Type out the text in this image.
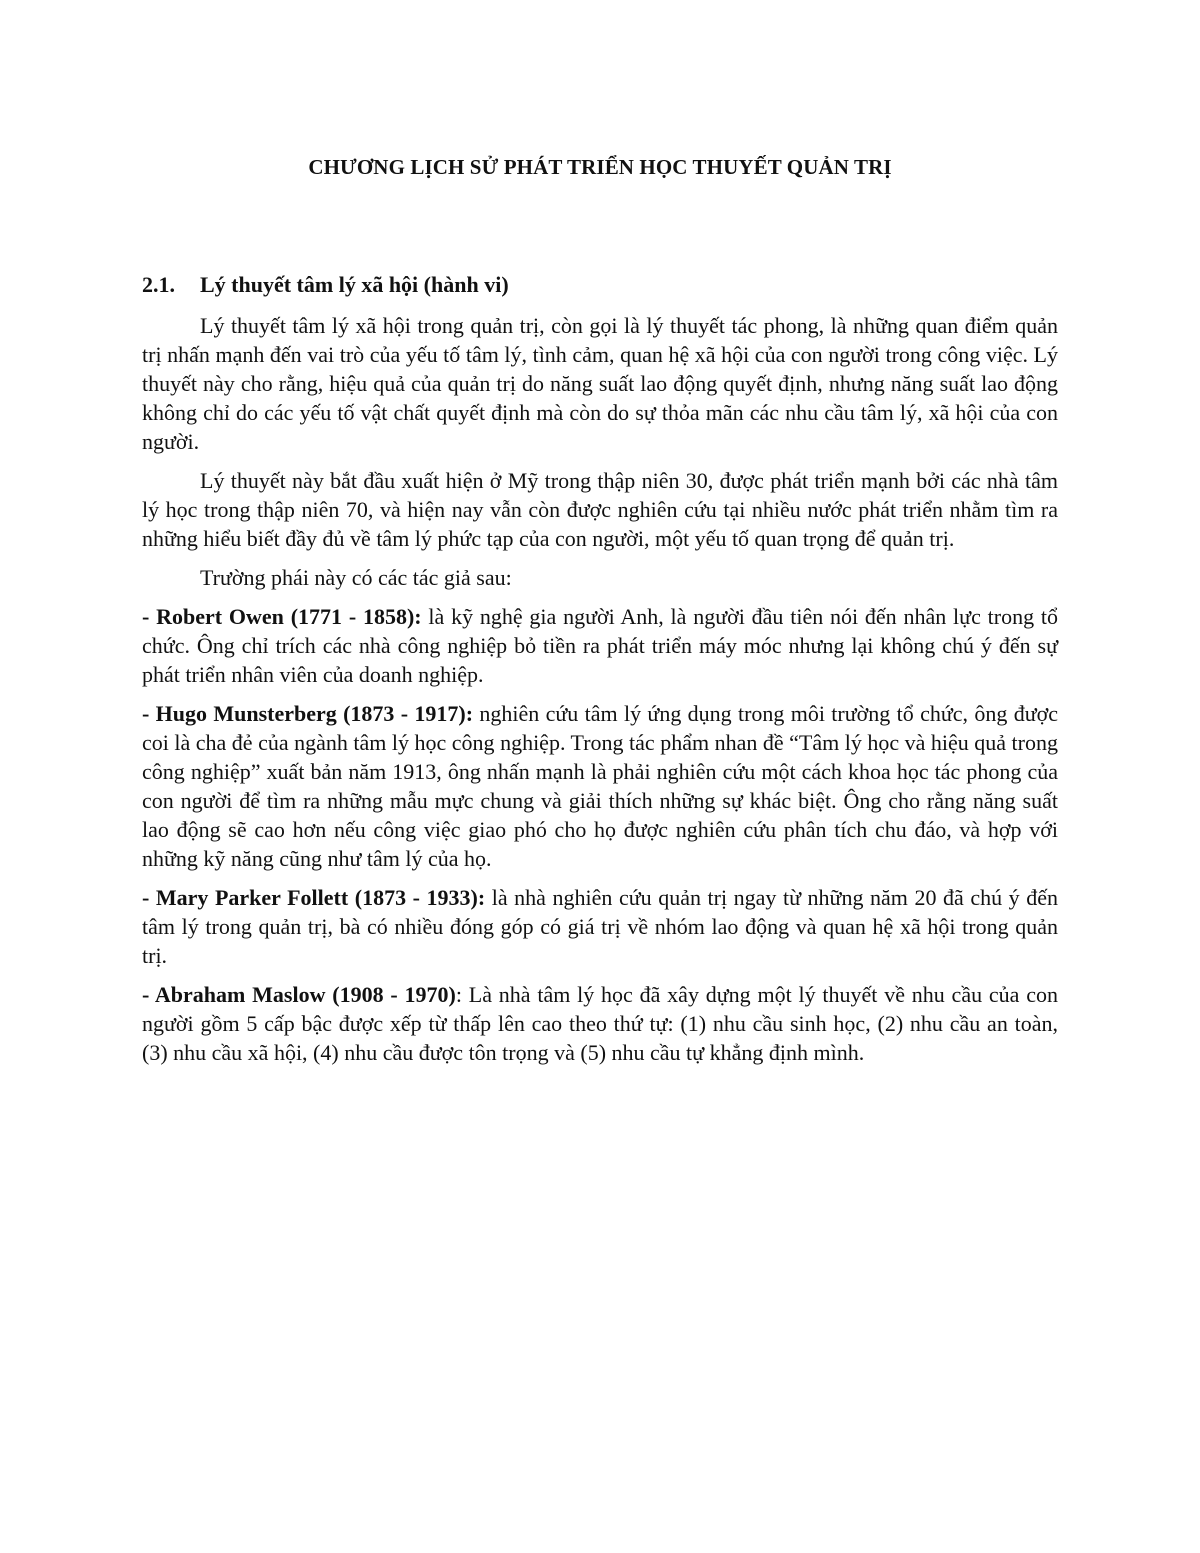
CHƯƠNG LỊCH SỬ PHÁT TRIỂN HỌC THUYẾT QUẢN TRỊ
2.1. Lý thuyết tâm lý xã hội (hành vi)

Lý thuyết tâm lý xã hội trong quản trị, còn gọi là lý thuyết tác phong, là những quan điểm quản trị nhấn mạnh đến vai trò của yếu tố tâm lý, tình cảm, quan hệ xã hội của con người trong công việc. Lý thuyết này cho rằng, hiệu quả của quản trị do năng suất lao động quyết định, nhưng năng suất lao động không chỉ do các yếu tố vật chất quyết định mà còn do sự thỏa mãn các nhu cầu tâm lý, xã hội của con người.

Lý thuyết này bắt đầu xuất hiện ở Mỹ trong thập niên 30, được phát triển mạnh bởi các nhà tâm lý học trong thập niên 70, và hiện nay vẫn còn được nghiên cứu tại nhiều nước phát triển nhằm tìm ra những hiểu biết đầy đủ về tâm lý phức tạp của con người, một yếu tố quan trọng để quản trị.

Trường phái này có các tác giả sau:

- Robert Owen (1771 - 1858): là kỹ nghệ gia người Anh, là người đầu tiên nói đến nhân lực trong tổ chức. Ông chỉ trích các nhà công nghiệp bỏ tiền ra phát triển máy móc nhưng lại không chú ý đến sự phát triển nhân viên của doanh nghiệp.

- Hugo Munsterberg (1873 - 1917): nghiên cứu tâm lý ứng dụng trong môi trường tổ chức, ông được coi là cha đẻ của ngành tâm lý học công nghiệp. Trong tác phẩm nhan đề “Tâm lý học và hiệu quả trong công nghiệp” xuất bản năm 1913, ông nhấn mạnh là phải nghiên cứu một cách khoa học tác phong của con người để tìm ra những mẫu mực chung và giải thích những sự khác biệt. Ông cho rằng năng suất lao động sẽ cao hơn nếu công việc giao phó cho họ được nghiên cứu phân tích chu đáo, và hợp với những kỹ năng cũng như tâm lý của họ.

- Mary Parker Follett (1873 - 1933): là nhà nghiên cứu quản trị ngay từ những năm 20 đã chú ý đến tâm lý trong quản trị, bà có nhiều đóng góp có giá trị về nhóm lao động và quan hệ xã hội trong quản trị.

- Abraham Maslow (1908 - 1970): Là nhà tâm lý học đã xây dựng một lý thuyết về nhu cầu của con người gồm 5 cấp bậc được xếp từ thấp lên cao theo thứ tự: (1) nhu cầu sinh học, (2) nhu cầu an toàn, (3) nhu cầu xã hội, (4) nhu cầu được tôn trọng và (5) nhu cầu tự khẳng định mình.
